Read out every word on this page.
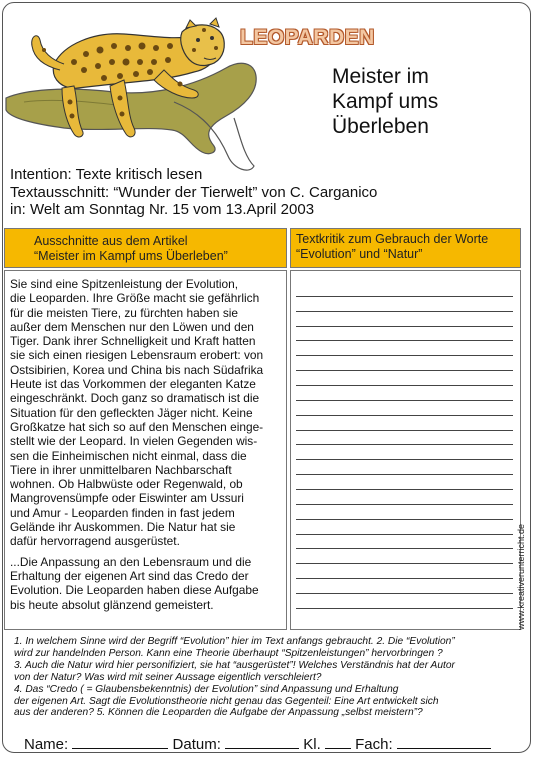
LEOPARDEN
Meister im
Kampf ums
Überleben
Intention: Texte kritisch lesen
Textausschnitt: “Wunder der Tierwelt” von C. Carganico
in: Welt am Sonntag Nr. 15 vom 13.April 2003
Ausschnitte aus dem Artikel
“Meister im Kampf ums Überleben”
Textkritik zum Gebrauch der Worte
“Evolution” und “Natur”

Sie sind eine Spitzenleistung der Evolution,
die Leoparden. Ihre Größe macht sie gefährlich
für die meisten Tiere, zu fürchten haben sie
außer dem Menschen nur den Löwen und den
Tiger. Dank ihrer Schnelligkeit und Kraft hatten
sie sich einen riesigen Lebensraum erobert: von
Ostsibirien, Korea und China bis nach Südafrika
Heute ist das Vorkommen der eleganten Katze
eingeschränkt. Doch ganz so dramatisch ist die
Situation für den gefleckten Jäger nicht. Keine
Großkatze hat sich so auf den Menschen einge-
stellt wie der Leopard. In vielen Gegenden wis-
sen die Einheimischen nicht einmal, dass die
Tiere in ihrer unmittelbaren Nachbarschaft
wohnen. Ob Halbwüste oder Regenwald, ob
Mangrovensümpfe oder Eiswinter am Ussuri
und Amur - Leoparden finden in fast jedem
Gelände ihr Auskommen. Die Natur hat sie
dafür hervorragend ausgerüstet.

...Die Anpassung an den Lebensraum und die
Erhaltung der eigenen Art sind das Credo der
Evolution. Die Leoparden haben diese Aufgabe
bis heute absolut glänzend gemeistert.	www.kreativerunterricht.de
1. In welchem Sinne wird der Begriff “Evolution” hier im Text anfangs gebraucht. 2. Die “Evolution”
wird zur handelnden Person. Kann eine Theorie überhaupt “Spitzenleistungen” hervorbringen ?
3. Auch die Natur wird hier personifiziert, sie hat “ausgerüstet”! Welches Verständnis hat der Autor
von der Natur? Was wird mit seiner Aussage eigentlich verschleiert?
4. Das “Credo ( = Glaubensbekenntnis) der Evolution” sind Anpassung und Erhaltung
der eigenen Art. Sagt die Evolutionstheorie nicht genau das Gegenteil: Eine Art entwickelt sich
aus der anderen? 5. Können die Leoparden die Aufgabe der Anpassung „selbst meistern”?
Name:	Datum:	Kl. Fach:
